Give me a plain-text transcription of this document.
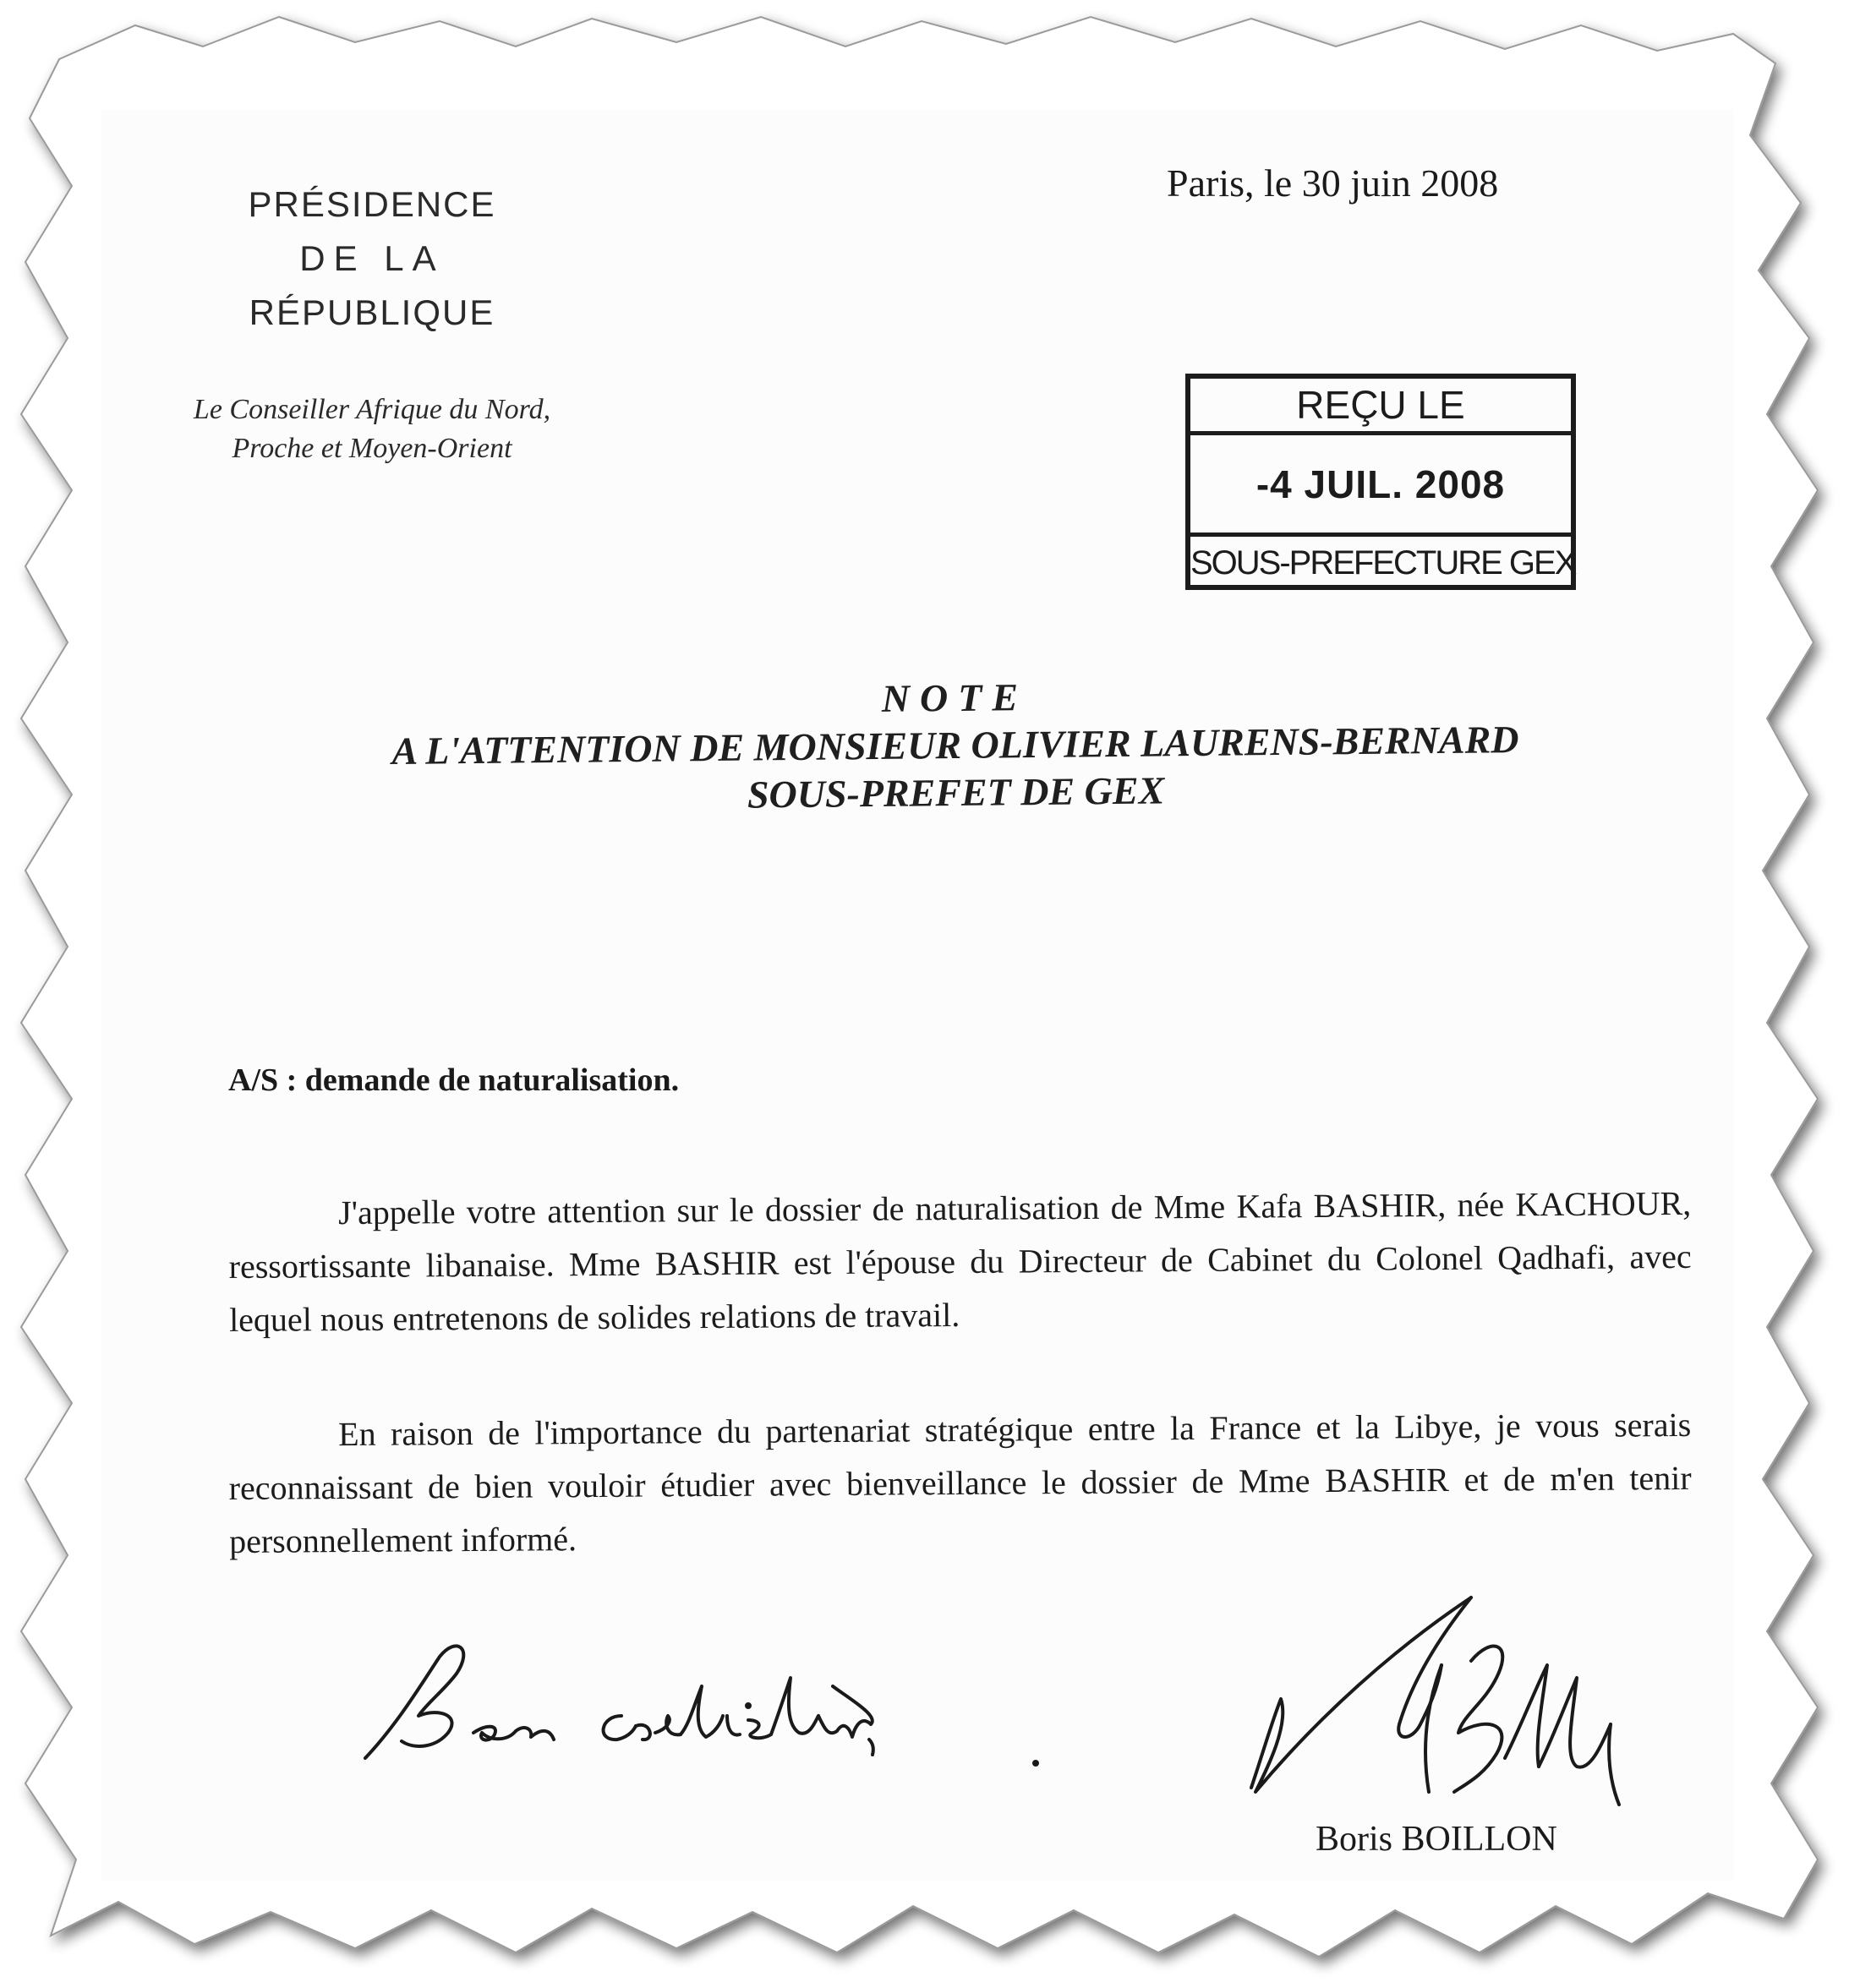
PRÉSIDENCE
DE LA
RÉPUBLIQUE
Le Conseiller Afrique du Nord,
Proche et Moyen-Orient
Paris, le 30 juin 2008
REÇU LE
-4 JUIL. 2008
SOUS-PREFECTURE GEX
NOTE
A L'ATTENTION DE MONSIEUR OLIVIER LAURENS-BERNARD
SOUS-PREFET DE GEX
A/S : demande de naturalisation.
J'appelle votre attention sur le dossier de naturalisation de Mme Kafa BASHIR, née KACHOUR, ressortissante libanaise. Mme BASHIR est l'épouse du Directeur de Cabinet du Colonel Qadhafi, avec lequel nous entretenons de solides relations de travail.
En raison de l'importance du partenariat stratégique entre la France et la Libye, je vous serais reconnaissant de bien vouloir étudier avec bienveillance le dossier de Mme BASHIR et de m'en tenir personnellement informé.
Boris BOILLON
